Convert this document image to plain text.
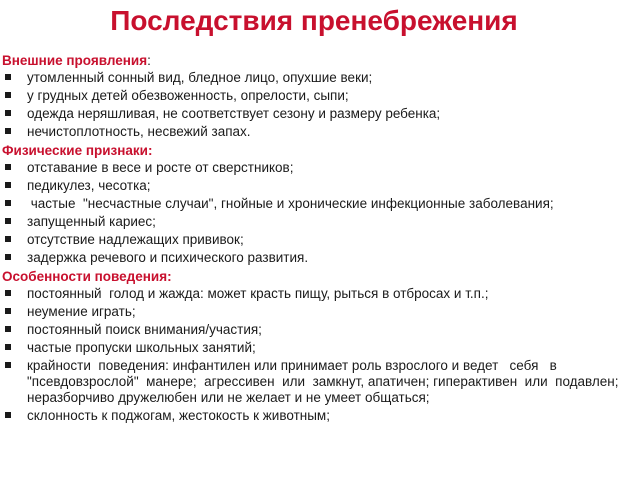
Последствия пренебрежения
Внешние проявления:
утомленный сонный вид, бледное лицо, опухшие веки;
у грудных детей обезвоженность, опрелости, сыпи;
одежда неряшливая, не соответствует сезону и размеру ребенка;
нечистоплотность, несвежий запах.
Физические признаки:
отставание в весе и росте от сверстников;
педикулез, чесотка;
частые  "несчастные случаи", гнойные и хронические инфекционные заболевания;
запущенный кариес;
отсутствие надлежащих прививок;
задержка речевого и психического развития.
Особенности поведения:
постоянный  голод и жажда: может красть пищу, рыться в отбросах и т.п.;
неумение играть;
постоянный поиск внимания/участия;
частые пропуски школьных занятий;
крайности  поведения: инфантилен или принимает роль взрослого и ведет   себя   в  "псевдовзрослой"  манере;  агрессивен  или  замкнут, апатичен; гиперактивен  или  подавлен; неразборчиво дружелюбен или не желает и не умеет общаться;
склонность к поджогам, жестокость к животным;
